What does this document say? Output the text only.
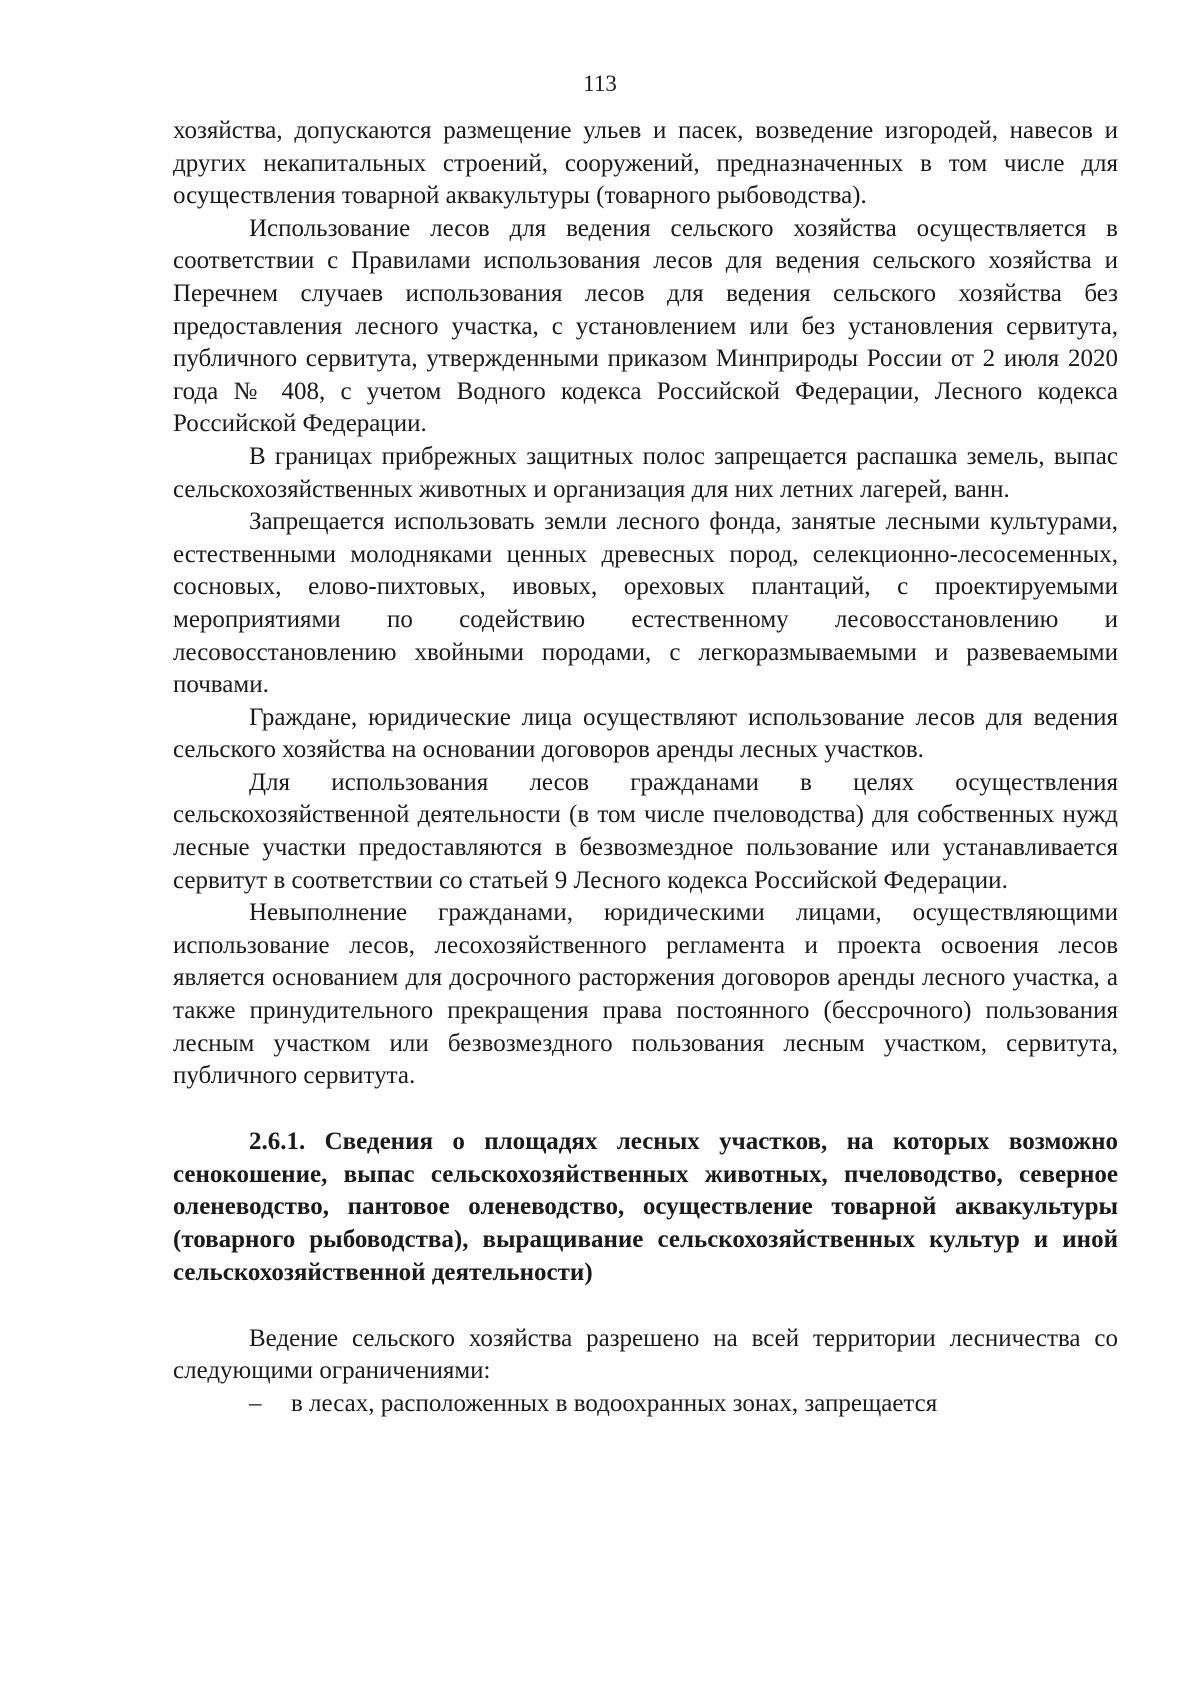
113

хозяйства, допускаются размещение ульев и пасек, возведение изгородей, навесов и других некапитальных строений, сооружений, предназначенных в том числе для осуществления товарной аквакультуры (товарного рыбоводства).

Использование лесов для ведения сельского хозяйства осуществляется в соответствии с Правилами использования лесов для ведения сельского хозяйства и Перечнем случаев использования лесов для ведения сельского хозяйства без предоставления лесного участка, с установлением или без установления сервитута, публичного сервитута, утвержденными приказом Минприроды России от 2 июля 2020 года № 408, с учетом Водного кодекса Российской Федерации, Лесного кодекса Российской Федерации.

В границах прибрежных защитных полос запрещается распашка земель, выпас сельскохозяйственных животных и организация для них летних лагерей, ванн.

Запрещается использовать земли лесного фонда, занятые лесными культурами, естественными молодняками ценных древесных пород, селекционно-лесосеменных, сосновых, елово-пихтовых, ивовых, ореховых плантаций, с проектируемыми мероприятиями по содействию естественному лесовосстановлению и лесовосстановлению хвойными породами, с легкоразмываемыми и развеваемыми почвами.

Граждане, юридические лица осуществляют использование лесов для ведения сельского хозяйства на основании договоров аренды лесных участков.

Для использования лесов гражданами в целях осуществления сельскохозяйственной деятельности (в том числе пчеловодства) для собственных нужд лесные участки предоставляются в безвозмездное пользование или устанавливается сервитут в соответствии со статьей 9 Лесного кодекса Российской Федерации.

Невыполнение гражданами, юридическими лицами, осуществляющими использование лесов, лесохозяйственного регламента и проекта освоения лесов является основанием для досрочного расторжения договоров аренды лесного участка, а также принудительного прекращения права постоянного (бессрочного) пользования лесным участком или безвозмездного пользования лесным участком, сервитута, публичного сервитута.

2.6.1. Сведения о площадях лесных участков, на которых возможно сенокошение, выпас сельскохозяйственных животных, пчеловодство, северное оленеводство, пантовое оленеводство, осуществление товарной аквакультуры (товарного рыбоводства), выращивание сельскохозяйственных культур и иной сельскохозяйственной деятельности)

Ведение сельского хозяйства разрешено на всей территории лесничества со следующими ограничениями:

– в лесах, расположенных в водоохранных зонах, запрещается
